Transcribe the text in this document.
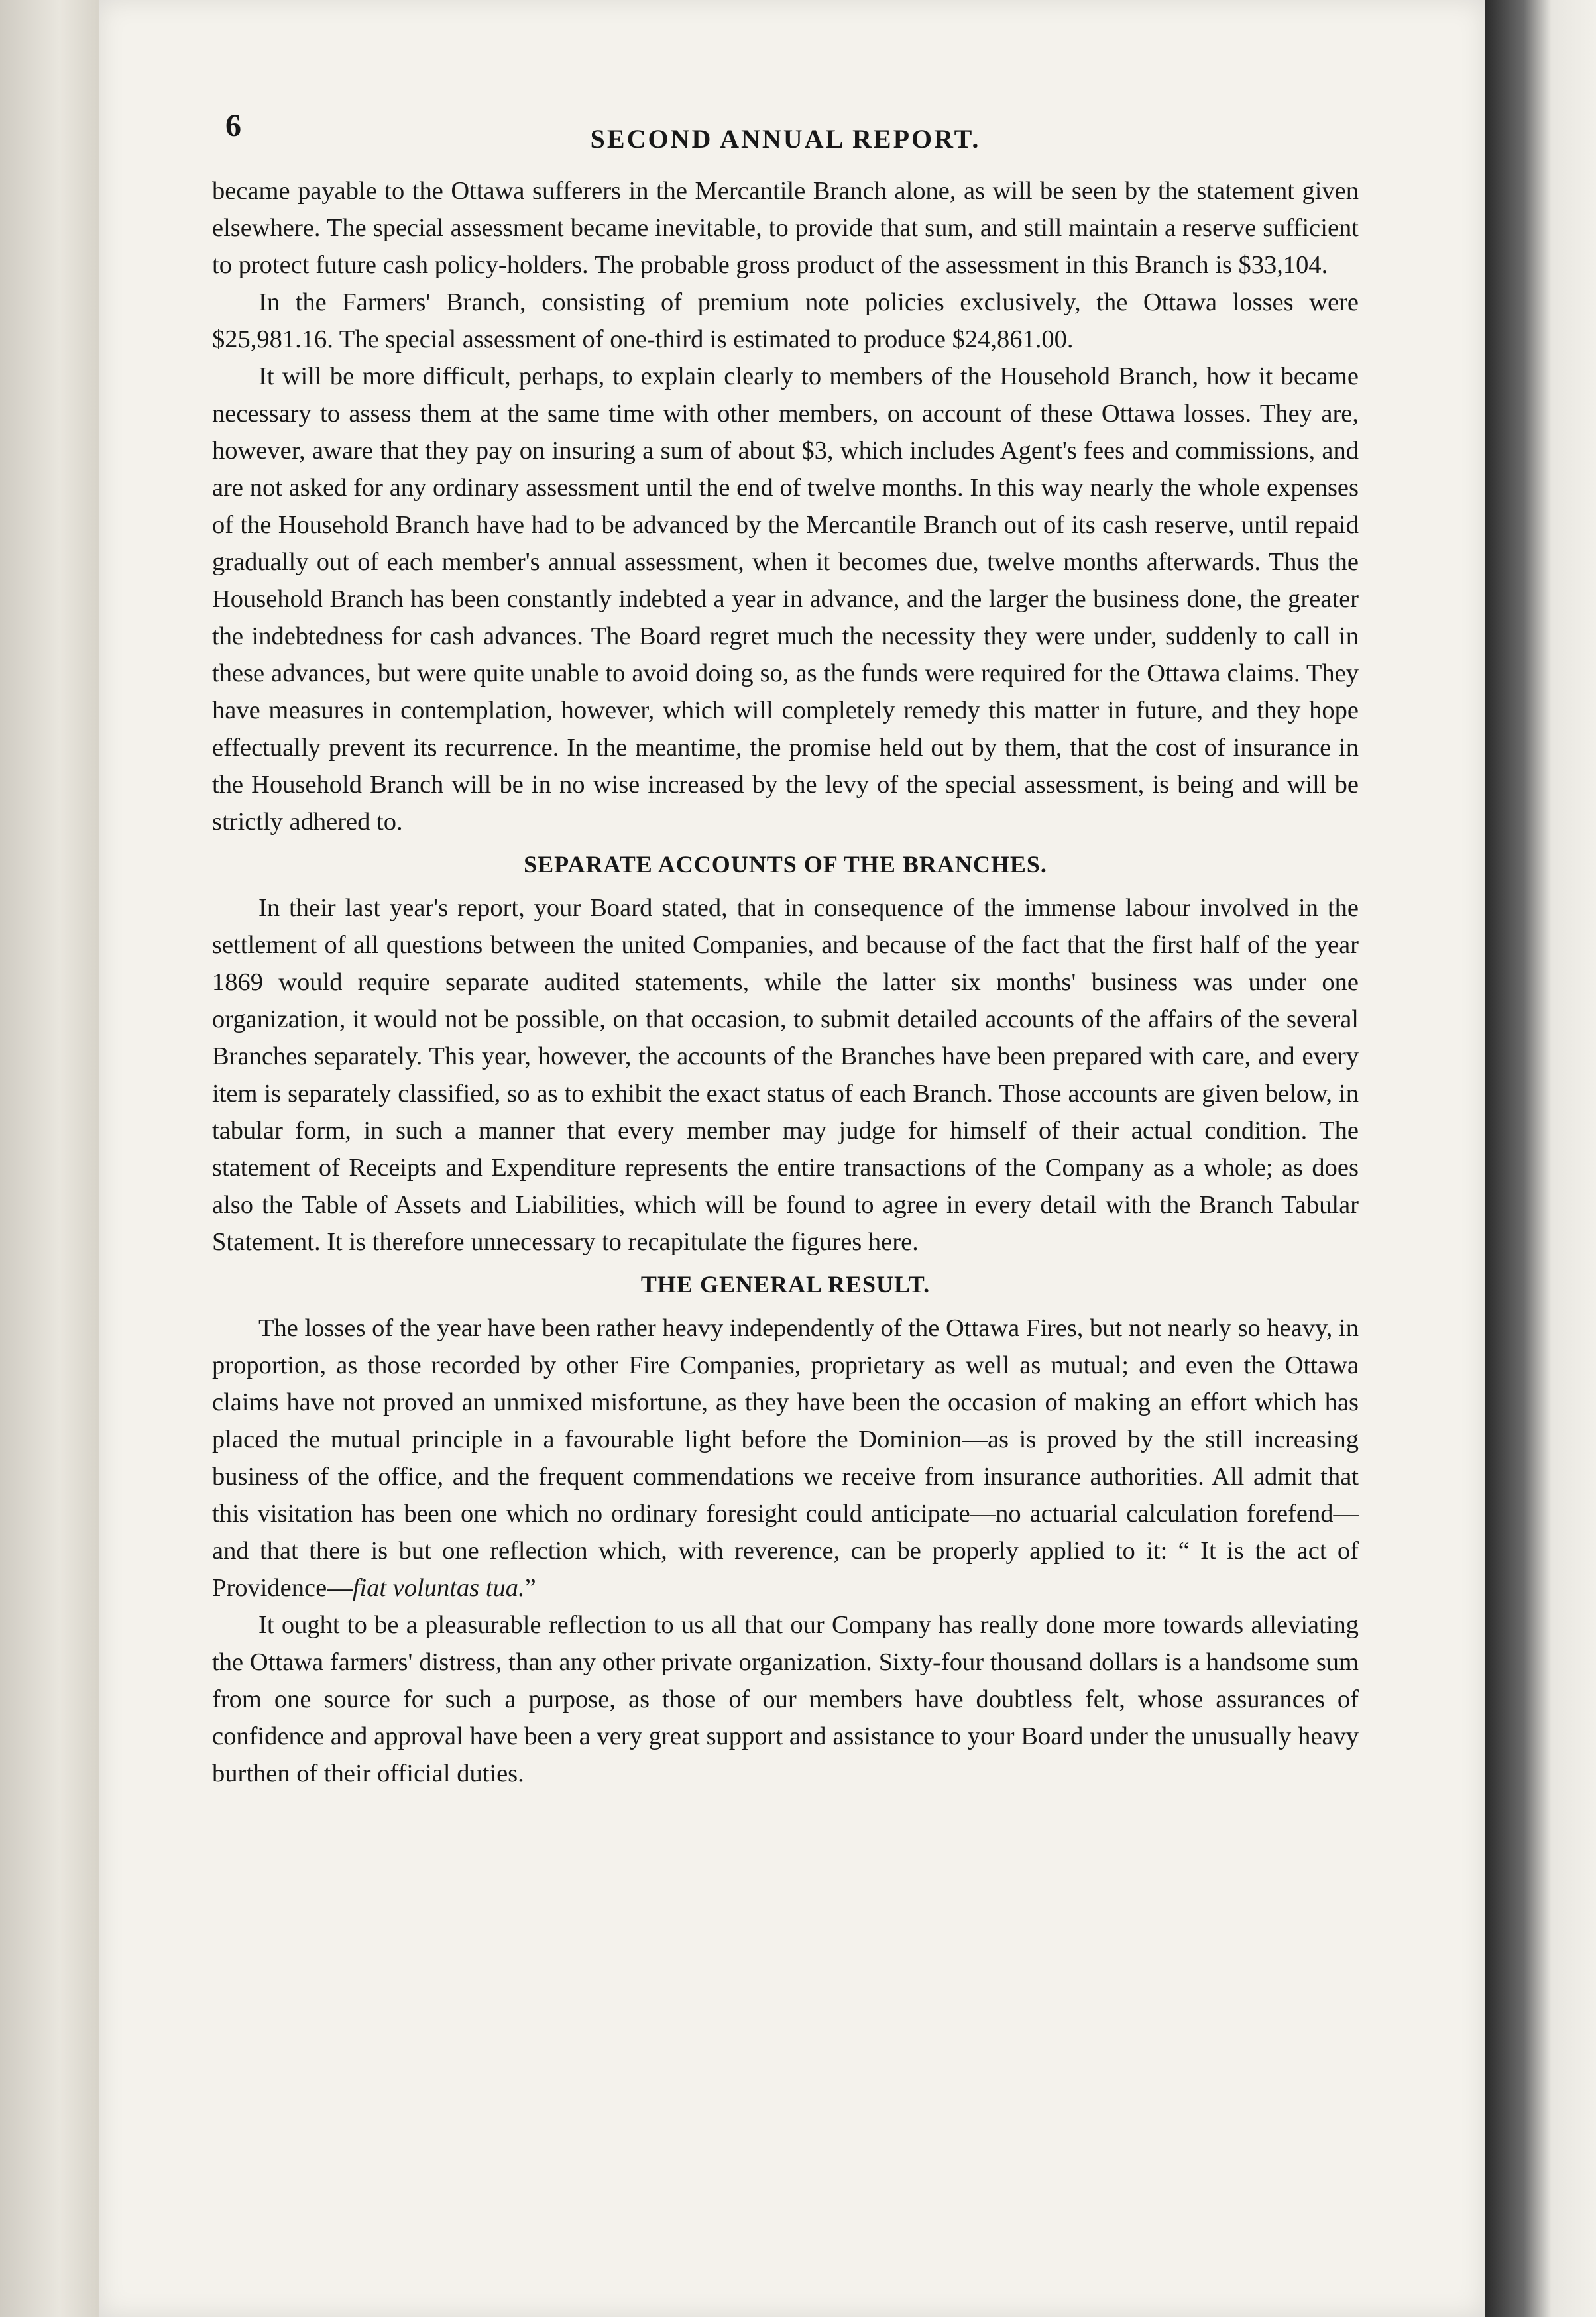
6	SECOND ANNUAL REPORT.

became payable to the Ottawa sufferers in the Mercantile Branch alone, as will be seen by the statement given elsewhere. The special assessment became inevitable, to provide that sum, and still maintain a reserve sufficient to protect future cash policy-holders. The probable gross product of the assessment in this Branch is $33,104.

In the Farmers' Branch, consisting of premium note policies exclusively, the Ottawa losses were $25,981.16. The special assessment of one-third is estimated to produce $24,861.00.

It will be more difficult, perhaps, to explain clearly to members of the Household Branch, how it became necessary to assess them at the same time with other members, on account of these Ottawa losses. They are, however, aware that they pay on insuring a sum of about $3, which includes Agent's fees and commissions, and are not asked for any ordinary assessment until the end of twelve months. In this way nearly the whole expenses of the Household Branch have had to be advanced by the Mercantile Branch out of its cash reserve, until repaid gradually out of each member's annual assessment, when it becomes due, twelve months afterwards. Thus the Household Branch has been constantly indebted a year in advance, and the larger the business done, the greater the indebtedness for cash advances. The Board regret much the necessity they were under, suddenly to call in these advances, but were quite unable to avoid doing so, as the funds were required for the Ottawa claims. They have measures in contemplation, however, which will completely remedy this matter in future, and they hope effectually prevent its recurrence. In the meantime, the promise held out by them, that the cost of insurance in the Household Branch will be in no wise increased by the levy of the special assessment, is being and will be strictly adhered to.

SEPARATE ACCOUNTS OF THE BRANCHES.

In their last year's report, your Board stated, that in consequence of the immense labour involved in the settlement of all questions between the united Companies, and because of the fact that the first half of the year 1869 would require separate audited statements, while the latter six months' business was under one organization, it would not be possible, on that occasion, to submit detailed accounts of the affairs of the several Branches separately. This year, however, the accounts of the Branches have been prepared with care, and every item is separately classified, so as to exhibit the exact status of each Branch. Those accounts are given below, in tabular form, in such a manner that every member may judge for himself of their actual condition. The statement of Receipts and Expenditure represents the entire transactions of the Company as a whole; as does also the Table of Assets and Liabilities, which will be found to agree in every detail with the Branch Tabular Statement. It is therefore unnecessary to recapitulate the figures here.

THE GENERAL RESULT.

The losses of the year have been rather heavy independently of the Ottawa Fires, but not nearly so heavy, in proportion, as those recorded by other Fire Companies, proprietary as well as mutual; and even the Ottawa claims have not proved an unmixed misfortune, as they have been the occasion of making an effort which has placed the mutual principle in a favourable light before the Dominion—as is proved by the still increasing business of the office, and the frequent commendations we receive from insurance authorities. All admit that this visitation has been one which no ordinary foresight could anticipate—no actuarial calculation forefend—and that there is but one reflection which, with reverence, can be properly applied to it: “ It is the act of Providence—fiat voluntas tua.”

It ought to be a pleasurable reflection to us all that our Company has really done more towards alleviating the Ottawa farmers' distress, than any other private organization. Sixty-four thousand dollars is a handsome sum from one source for such a purpose, as those of our members have doubtless felt, whose assurances of confidence and approval have been a very great support and assistance to your Board under the unusually heavy burthen of their official duties.
